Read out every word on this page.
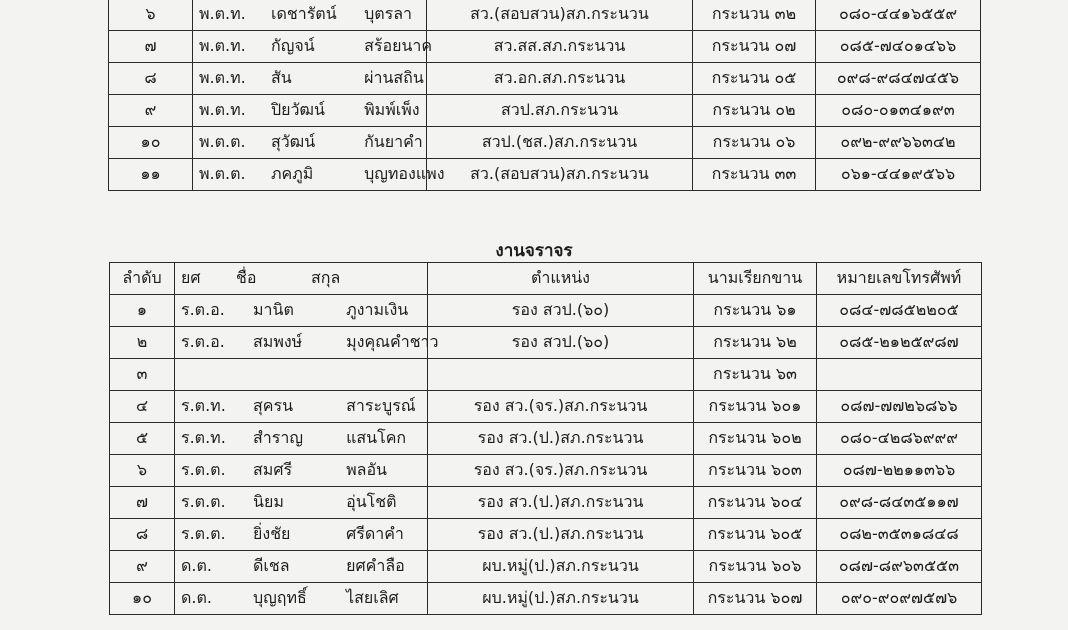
๖	พ.ต.ท. เดชารัตน์ บุตรลา	สว.(สอบสวน)สภ.กระนวน	กระนวน ๓๒	๐๘๐-๔๔๑๖๕๕๙
๗	พ.ต.ท. กัญจน์ สร้อยนาค	สว.สส.สภ.กระนวน	กระนวน ๐๗	๐๘๕-๗๔๐๑๔๖๖
๘	พ.ต.ท. สัน ผ่านสถิน	สว.อก.สภ.กระนวน	กระนวน ๐๕	๐๙๘-๙๘๔๗๔๕๖
๙	พ.ต.ท. ปิยวัฒน์ พิมพ์เพ็ง	สวป.สภ.กระนวน	กระนวน ๐๒	๐๘๐-๐๑๓๔๑๙๓
๑๐	พ.ต.ต. สุวัฒน์ กันยาคำ	สวป.(ชส.)สภ.กระนวน	กระนวน ๐๖	๐๙๒-๙๙๖๖๓๔๒
๑๑	พ.ต.ต. ภคภูมิ บุญทองแพง	สว.(สอบสวน)สภ.กระนวน	กระนวน ๓๓	๐๖๑-๔๔๑๙๕๖๖
งานจราจร
ลำดับ	ยศ ชื่อ สกุล	ตำแหน่ง	นามเรียกขาน	หมายเลขโทรศัพท์
๑	ร.ต.อ. มานิต ภูงามเงิน	รอง สวป.(๖๐)	กระนวน ๖๑	๐๘๔-๗๘๕๒๒๐๕
๒	ร.ต.อ. สมพงษ์ มุงคุณคำชาว	รอง สวป.(๖๐)	กระนวน ๖๒	๐๘๕-๒๑๒๕๙๘๗
๓			กระนวน ๖๓	
๔	ร.ต.ท. สุครน สาระบูรณ์	รอง สว.(จร.)สภ.กระนวน	กระนวน ๖๐๑	๐๘๗-๗๗๒๖๘๖๖
๕	ร.ต.ท. สำราญ แสนโคก	รอง สว.(ป.)สภ.กระนวน	กระนวน ๖๐๒	๐๘๐-๔๒๘๖๙๙๙
๖	ร.ต.ต. สมศรี พลอัน	รอง สว.(จร.)สภ.กระนวน	กระนวน ๖๐๓	๐๘๗-๒๒๑๑๓๖๖
๗	ร.ต.ต. นิยม อุ่นโชติ	รอง สว.(ป.)สภ.กระนวน	กระนวน ๖๐๔	๐๙๘-๘๔๓๕๑๑๗
๘	ร.ต.ต. ยิ่งชัย ศรีดาคำ	รอง สว.(ป.)สภ.กระนวน	กระนวน ๖๐๕	๐๘๒-๓๕๓๑๘๔๘
๙	ด.ต. ดีเชล ยศคำลือ	ผบ.หมู่(ป.)สภ.กระนวน	กระนวน ๖๐๖	๐๘๗-๘๙๖๓๕๕๓
๑๐	ด.ต. บุญฤทธิ์ ไสยเลิศ	ผบ.หมู่(ป.)สภ.กระนวน	กระนวน ๖๐๗	๐๙๐-๙๐๙๗๕๗๖
